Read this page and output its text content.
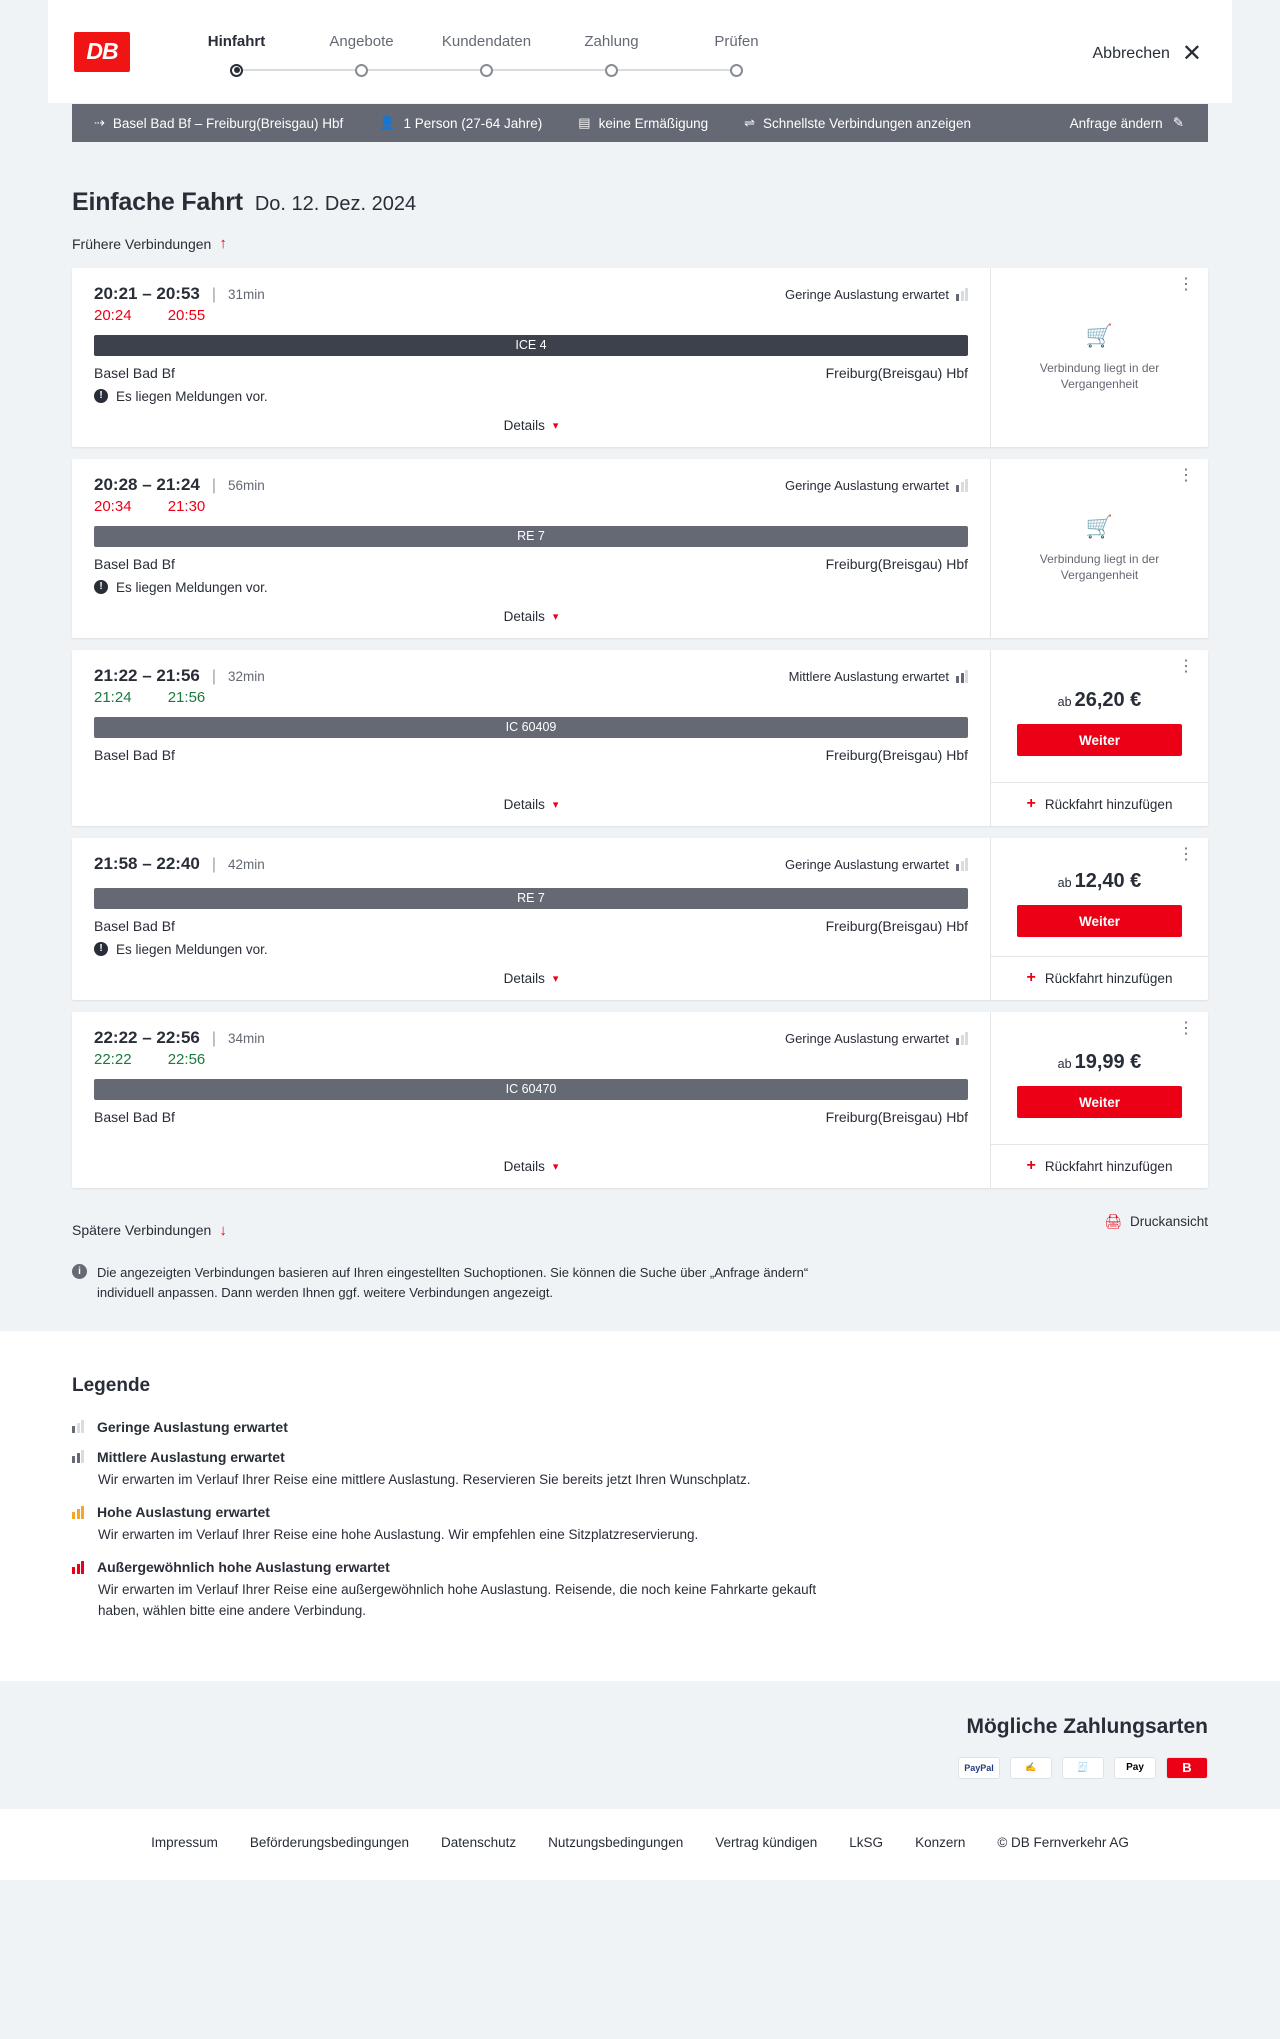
DB	Hinfahrt	Angebote	Kundendaten	Zahlung	Prüfen
Abbrechen ✕
⇢ Basel Bad Bf – Freiburg(Breisgau) Hbf	👤 1 Person (27-64 Jahre)	▤ keine Ermäßigung	⇌ Schnellste Verbindungen anzeigen	Anfrage ändern ✎
Einfache Fahrt Do. 12. Dez. 2024
Frühere Verbindungen ↑
20:21 – 20:53 | 31min	Geringe Auslastung erwartet
20:24 20:55
ICE 4
Basel Bad Bf	Freiburg(Breisgau) Hbf
! Es liegen Meldungen vor.
Details ▾
⋮
🛒
Verbindung liegt in der Vergangenheit
20:28 – 21:24 | 56min	Geringe Auslastung erwartet
20:34 21:30
RE 7
Basel Bad Bf	Freiburg(Breisgau) Hbf
! Es liegen Meldungen vor.
Details ▾
⋮
🛒
Verbindung liegt in der Vergangenheit
21:22 – 21:56 | 32min	Mittlere Auslastung erwartet
21:24 21:56
IC 60409
Basel Bad Bf	Freiburg(Breisgau) Hbf
Details ▾
⋮
ab 26,20 €
Weiter
+ Rückfahrt hinzufügen
21:58 – 22:40 | 42min	Geringe Auslastung erwartet
RE 7
Basel Bad Bf	Freiburg(Breisgau) Hbf
! Es liegen Meldungen vor.
Details ▾
⋮
ab 12,40 €
Weiter
+ Rückfahrt hinzufügen
22:22 – 22:56 | 34min	Geringe Auslastung erwartet
22:22 22:56
IC 60470
Basel Bad Bf	Freiburg(Breisgau) Hbf
Details ▾
⋮
ab 19,99 €
Weiter
+ Rückfahrt hinzufügen
Spätere Verbindungen ↓
🖨 Druckansicht
i	Die angezeigten Verbindungen basieren auf Ihren eingestellten Suchoptionen. Sie können die Suche über „Anfrage ändern“ individuell anpassen. Dann werden Ihnen ggf. weitere Verbindungen angezeigt.
Legende
Geringe Auslastung erwartet
Mittlere Auslastung erwartet
Wir erwarten im Verlauf Ihrer Reise eine mittlere Auslastung. Reservieren Sie bereits jetzt Ihren Wunschplatz.
Hohe Auslastung erwartet
Wir erwarten im Verlauf Ihrer Reise eine hohe Auslastung. Wir empfehlen eine Sitzplatzreservierung.
Außergewöhnlich hohe Auslastung erwartet
Wir erwarten im Verlauf Ihrer Reise eine außergewöhnlich hohe Auslastung. Reisende, die noch keine Fahrkarte gekauft haben, wählen bitte eine andere Verbindung.
Mögliche Zahlungsarten
PayPal	✍	🧾	Pay	B
Impressum Beförderungsbedingungen Datenschutz Nutzungsbedingungen Vertrag kündigen LkSG Konzern © DB Fernverkehr AG
